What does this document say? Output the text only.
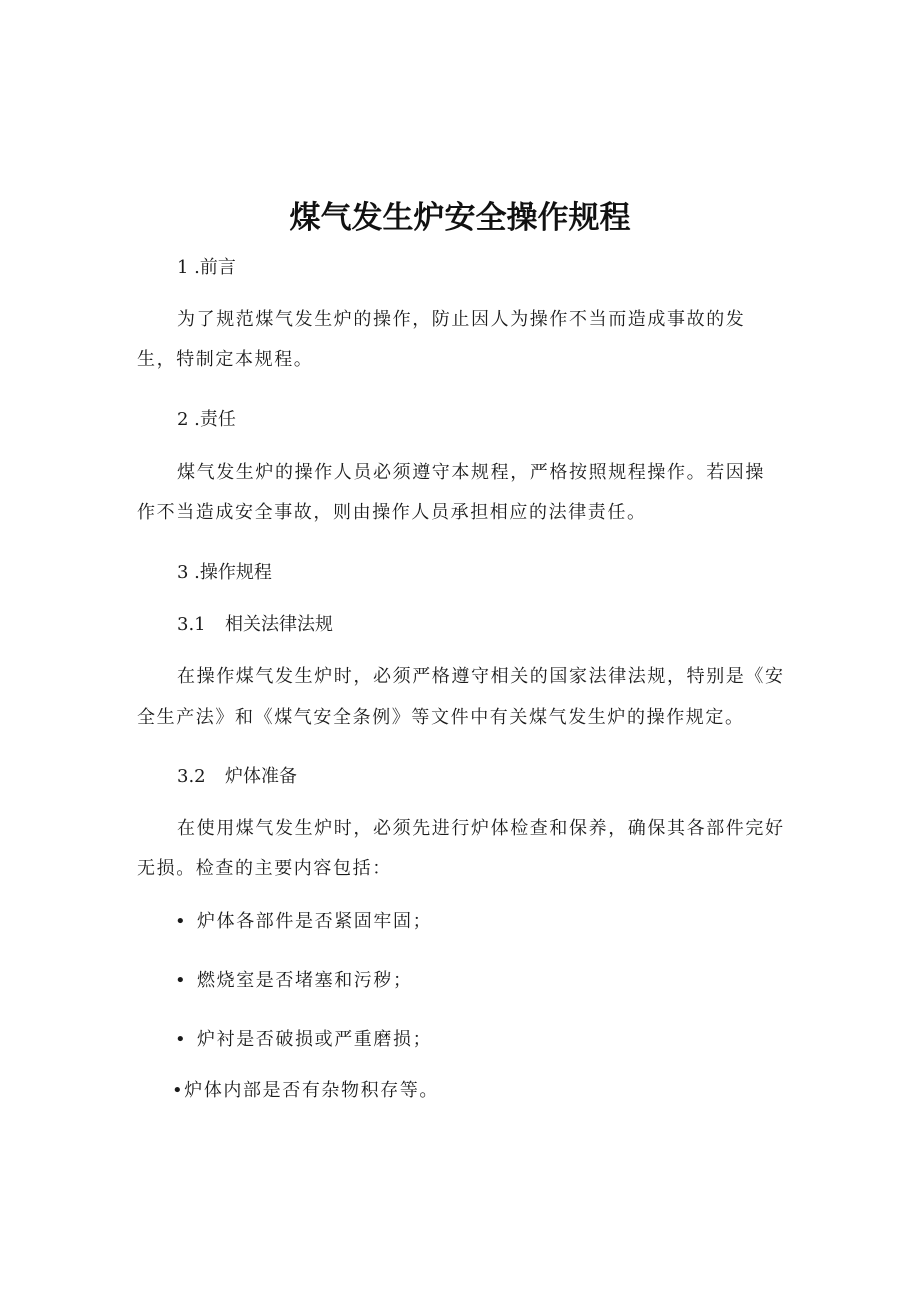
煤气发生炉安全操作规程
1 .前言
为了规范煤气发生炉的操作，防止因人为操作不当而造成事故的发
生，特制定本规程。
2 .责任
煤气发生炉的操作人员必须遵守本规程，严格按照规程操作。若因操
作不当造成安全事故，则由操作人员承担相应的法律责任。
3 .操作规程
3.1 相关法律法规
在操作煤气发生炉时，必须严格遵守相关的国家法律法规，特别是《安
全生产法》和《煤气安全条例》等文件中有关煤气发生炉的操作规定。
3.2 炉体准备
在使用煤气发生炉时，必须先进行炉体检查和保养，确保其各部件完好
无损。检查的主要内容包括：
• 炉体各部件是否紧固牢固；
• 燃烧室是否堵塞和污秽；
• 炉衬是否破损或严重磨损；
•炉体内部是否有杂物积存等。
